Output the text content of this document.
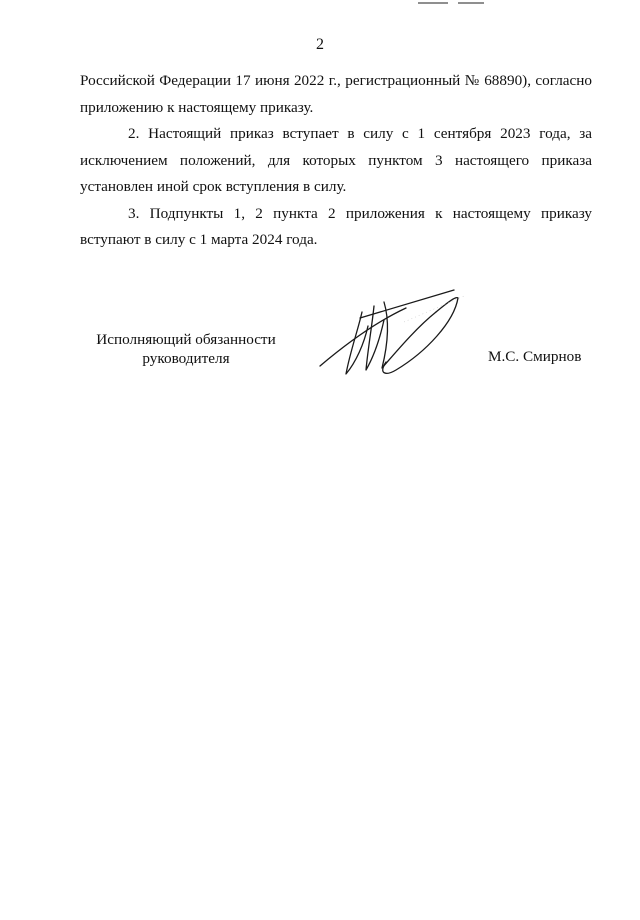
2

Российской Федерации 17 июня 2022 г., регистрационный № 68890), согласно

приложению к настоящему приказу.

2. Настоящий приказ вступает в силу с 1 сентября 2023 года, за исключением положений, для которых пунктом 3 настоящего приказа установлен иной срок вступления в силу.

3. Подпункты 1, 2 пункта 2 приложения к настоящему приказу вступают в силу с 1 марта 2024 года.

Исполняющий обязанности
руководителя	М.С. Смирнов
